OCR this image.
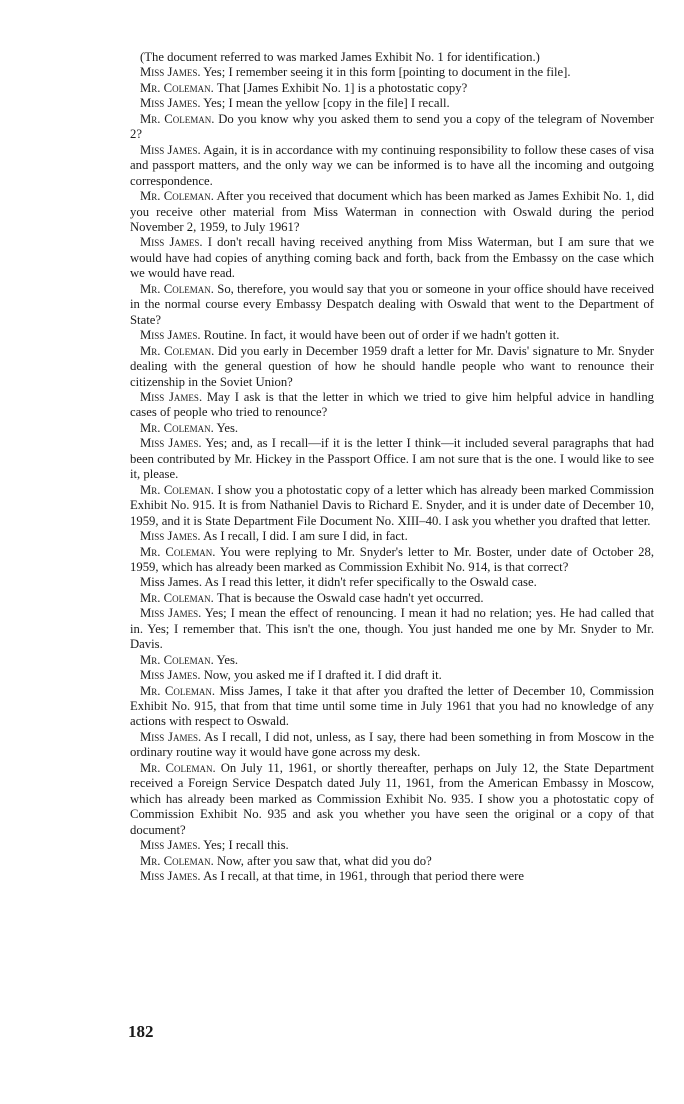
(The document referred to was marked James Exhibit No. 1 for identification.)

Miss James. Yes; I remember seeing it in this form [pointing to document in the file].

Mr. Coleman. That [James Exhibit No. 1] is a photostatic copy?

Miss James. Yes; I mean the yellow [copy in the file] I recall.

Mr. Coleman. Do you know why you asked them to send you a copy of the telegram of November 2?

Miss James. Again, it is in accordance with my continuing responsibility to follow these cases of visa and passport matters, and the only way we can be informed is to have all the incoming and outgoing correspondence.

Mr. Coleman. After you received that document which has been marked as James Exhibit No. 1, did you receive other material from Miss Waterman in connection with Oswald during the period November 2, 1959, to July 1961?

Miss James. I don't recall having received anything from Miss Waterman, but I am sure that we would have had copies of anything coming back and forth, back from the Embassy on the case which we would have read.

Mr. Coleman. So, therefore, you would say that you or someone in your office should have received in the normal course every Embassy Despatch dealing with Oswald that went to the Department of State?

Miss James. Routine. In fact, it would have been out of order if we hadn't gotten it.

Mr. Coleman. Did you early in December 1959 draft a letter for Mr. Davis' signature to Mr. Snyder dealing with the general question of how he should handle people who want to renounce their citizenship in the Soviet Union?

Miss James. May I ask is that the letter in which we tried to give him helpful advice in handling cases of people who tried to renounce?

Mr. Coleman. Yes.

Miss James. Yes; and, as I recall—if it is the letter I think—it included several paragraphs that had been contributed by Mr. Hickey in the Passport Office. I am not sure that is the one. I would like to see it, please.

Mr. Coleman. I show you a photostatic copy of a letter which has already been marked Commission Exhibit No. 915. It is from Nathaniel Davis to Richard E. Snyder, and it is under date of December 10, 1959, and it is State Department File Document No. XIII–40. I ask you whether you drafted that letter.

Miss James. As I recall, I did. I am sure I did, in fact.

Mr. Coleman. You were replying to Mr. Snyder's letter to Mr. Boster, under date of October 28, 1959, which has already been marked as Commission Exhibit No. 914, is that correct?

Miss James. As I read this letter, it didn't refer specifically to the Oswald case.

Mr. Coleman. That is because the Oswald case hadn't yet occurred.

Miss James. Yes; I mean the effect of renouncing. I mean it had no relation; yes. He had called that in. Yes; I remember that. This isn't the one, though. You just handed me one by Mr. Snyder to Mr. Davis.

Mr. Coleman. Yes.

Miss James. Now, you asked me if I drafted it. I did draft it.

Mr. Coleman. Miss James, I take it that after you drafted the letter of December 10, Commission Exhibit No. 915, that from that time until some time in July 1961 that you had no knowledge of any actions with respect to Oswald.

Miss James. As I recall, I did not, unless, as I say, there had been something in from Moscow in the ordinary routine way it would have gone across my desk.

Mr. Coleman. On July 11, 1961, or shortly thereafter, perhaps on July 12, the State Department received a Foreign Service Despatch dated July 11, 1961, from the American Embassy in Moscow, which has already been marked as Commission Exhibit No. 935. I show you a photostatic copy of Commission Exhibit No. 935 and ask you whether you have seen the original or a copy of that document?

Miss James. Yes; I recall this.

Mr. Coleman. Now, after you saw that, what did you do?

Miss James. As I recall, at that time, in 1961, through that period there were

182
